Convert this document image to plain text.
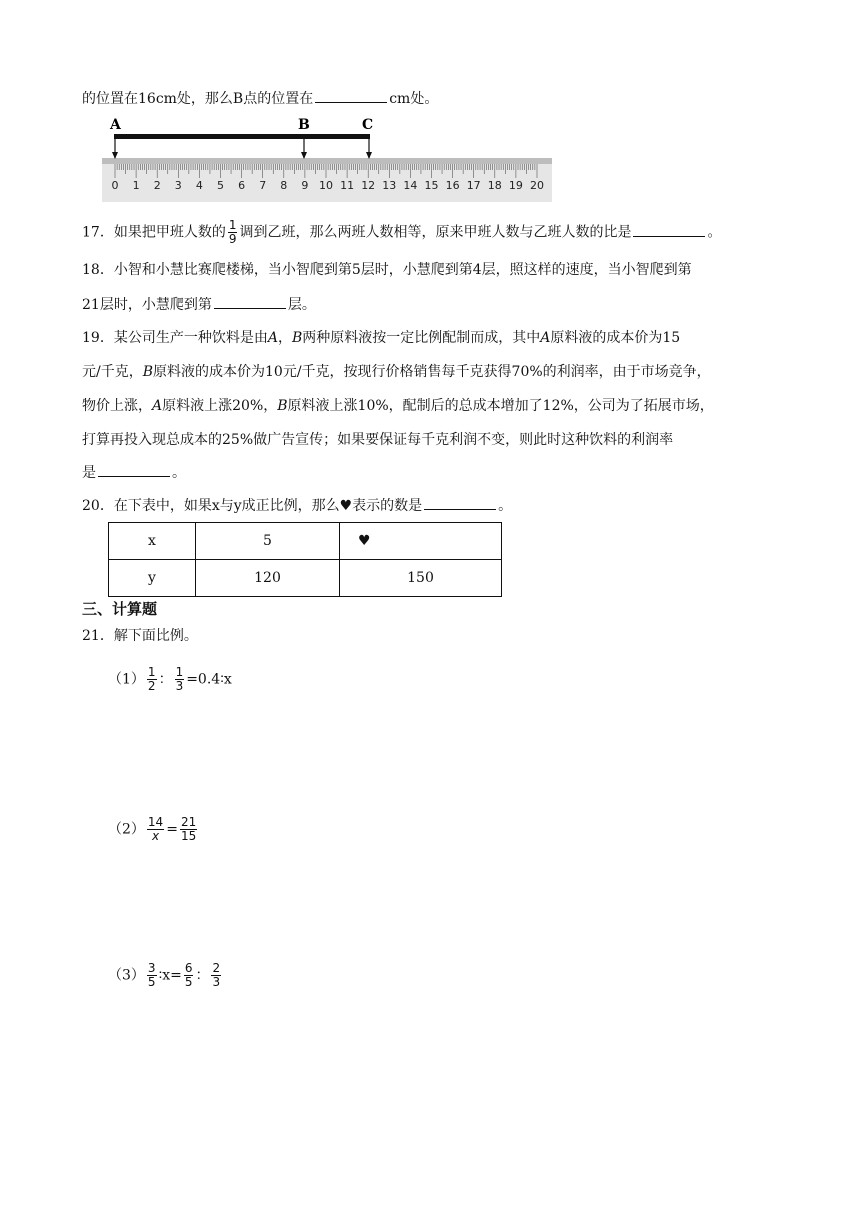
的位置在16cm处，那么B点的位置在	cm处。
A	B	C
0 1 2 3 4 5 6 7 8 9 10 11 12 13 14 15 16 17 18 19 20
17．如果把甲班人数的 $\frac{1}{9}$ 调到乙班，那么两班人数相等，原来甲班人数与乙班人数的比是	。
18．小智和小慧比赛爬楼梯，当小智爬到第5层时，小慧爬到第4层，照这样的速度，当小智爬到第
21层时，小慧爬到第	层。
19．某公司生产一种饮料是由A，B两种原料液按一定比例配制而成，其中A原料液的成本价为15
元/千克，B原料液的成本价为10元/千克，按现行价格销售每千克获得70%的利润率，由于市场竞争，
物价上涨，A原料液上涨20%，B原料液上涨10%，配制后的总成本增加了12%，公司为了拓展市场，
打算再投入现总成本的25%做广告宣传；如果要保证每千克利润不变，则此时这种饮料的利润率
是	。
20．在下表中，如果x与y成正比例，那么♥表示的数是	。
x	5	♥
y	120	150
三、计算题
21．解下面比例。
$(1) \frac{1}{2}$ ： $\frac{1}{3}$ =0.4∶x
$(2) \frac{14}{x} = \frac{21}{15}$
$(3) \frac{3}{5}$ ∶x= $\frac{6}{5}$ ： $\frac{2}{3}$
